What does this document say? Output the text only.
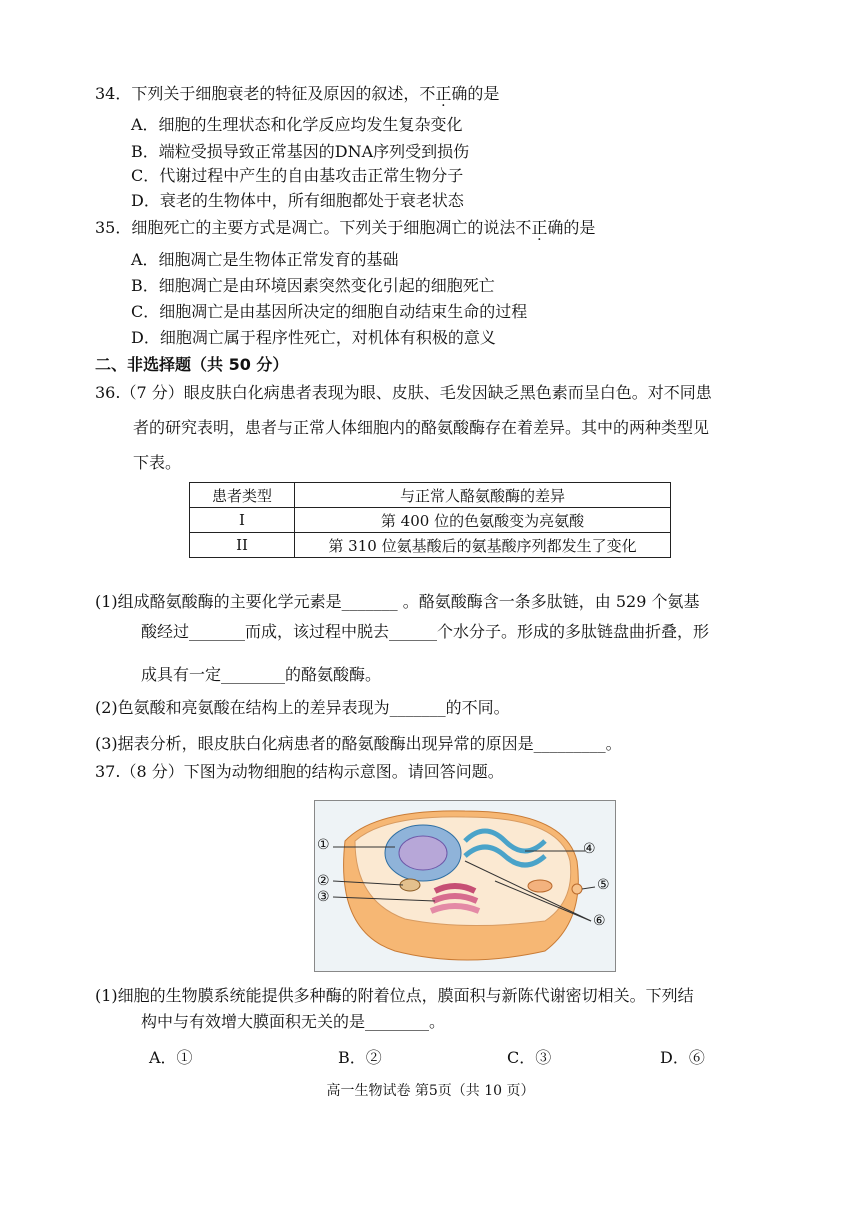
34．下列关于细胞衰老的特征及原因的叙述，不正确的是
A．细胞的生理状态和化学反应均发生复杂变化
B．端粒受损导致正常基因的DNA序列受到损伤
C．代谢过程中产生的自由基攻击正常生物分子
D．衰老的生物体中，所有细胞都处于衰老状态
35．细胞死亡的主要方式是凋亡。下列关于细胞凋亡的说法不正确的是
A．细胞凋亡是生物体正常发育的基础
B．细胞凋亡是由环境因素突然变化引起的细胞死亡
C．细胞凋亡是由基因所决定的细胞自动结束生命的过程
D．细胞凋亡属于程序性死亡，对机体有积极的意义
二、非选择题（共 50 分）
36.（7 分）眼皮肤白化病患者表现为眼、皮肤、毛发因缺乏黑色素而呈白色。对不同患
者的研究表明，患者与正常人体细胞内的酪氨酸酶存在着差异。其中的两种类型见
下表。
患者类型	与正常人酪氨酸酶的差异
I	第 400 位的色氨酸变为亮氨酸
II	第 310 位氨基酸后的氨基酸序列都发生了变化
(1)组成酪氨酸酶的主要化学元素是_______ 。酪氨酸酶含一条多肽链，由 529 个氨基
酸经过_______而成，该过程中脱去______个水分子。形成的多肽链盘曲折叠，形
成具有一定________的酪氨酸酶。
(2)色氨酸和亮氨酸在结构上的差异表现为_______的不同。
(3)据表分析，眼皮肤白化病患者的酪氨酸酶出现异常的原因是_________。
37.（8 分）下图为动物细胞的结构示意图。请回答问题。
①
②
③
④
⑤
⑥
(1)细胞的生物膜系统能提供多种酶的附着位点，膜面积与新陈代谢密切相关。下列结
构中与有效增大膜面积无关的是________。
A．①	B．②	C．③	D．⑥
高一生物试卷 第5页（共 10 页）
